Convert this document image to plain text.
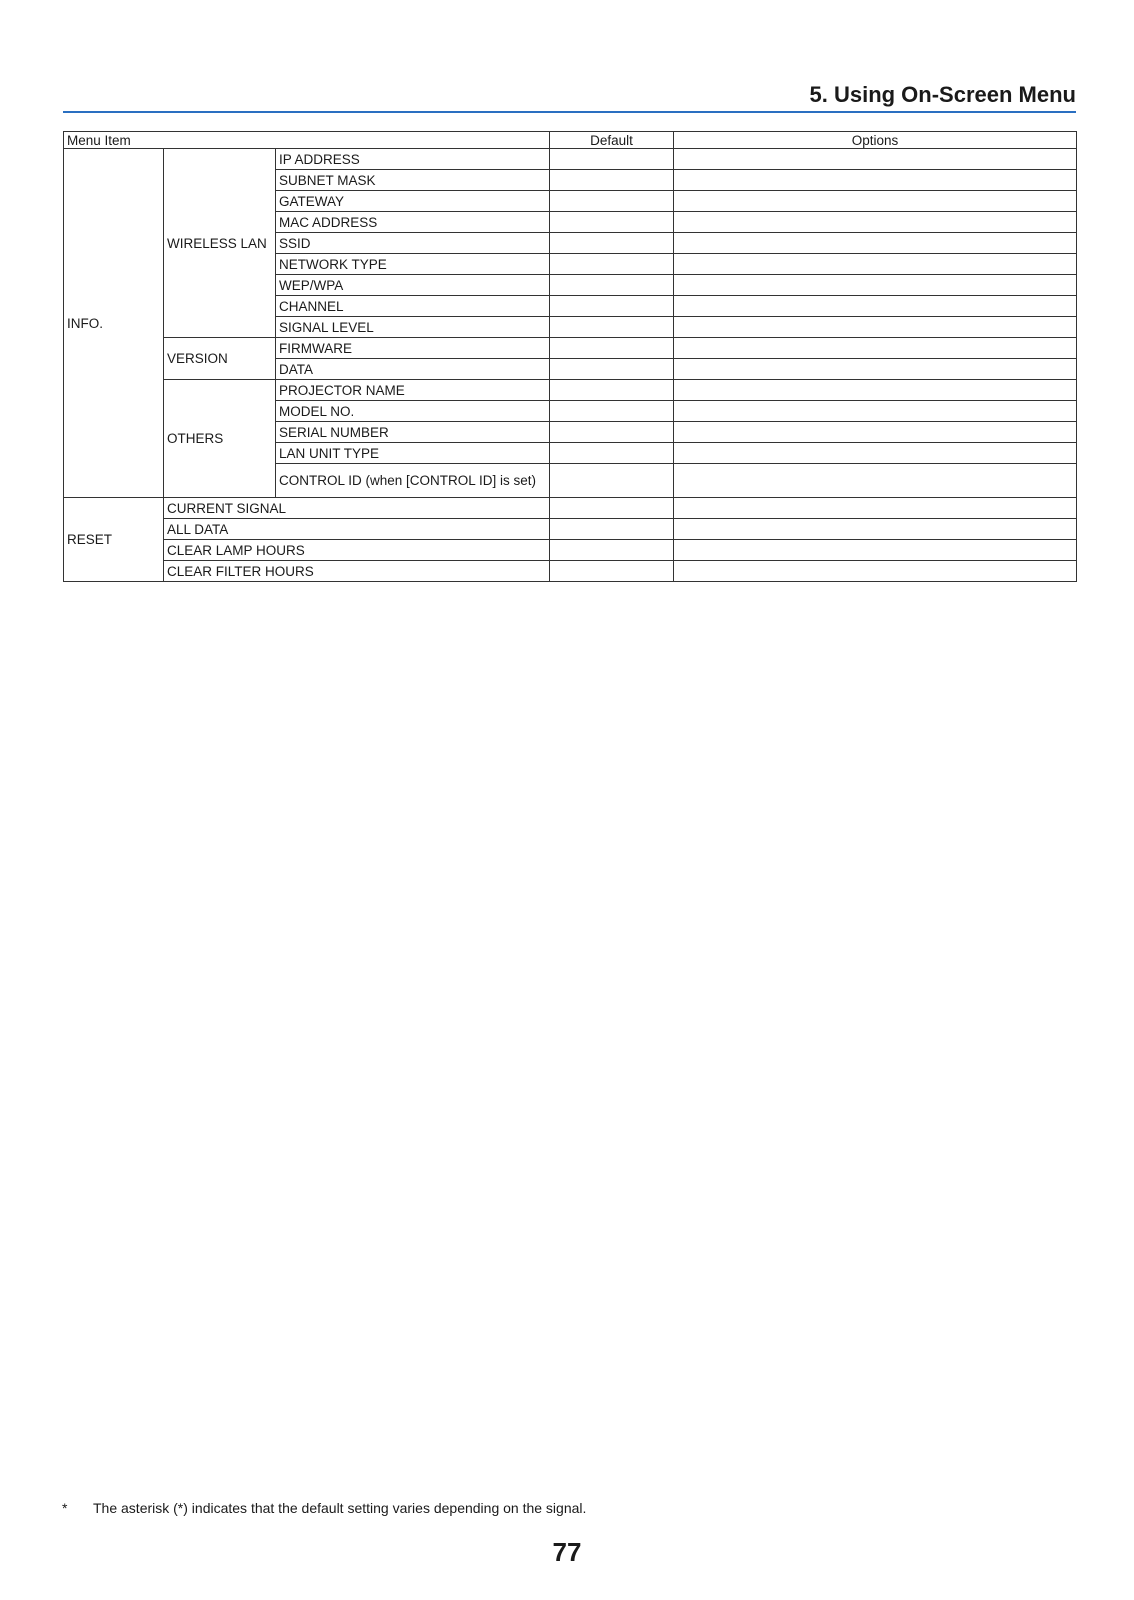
5. Using On-Screen Menu
Menu Item			Default	Options
INFO.	WIRELESS LAN	IP ADDRESS		
		SUBNET MASK		
		GATEWAY		
		MAC ADDRESS		
		SSID		
		NETWORK TYPE		
		WEP/WPA		
		CHANNEL		
		SIGNAL LEVEL		
	VERSION	FIRMWARE		
		DATA		
	OTHERS	PROJECTOR NAME		
		MODEL NO.		
		SERIAL NUMBER		
		LAN UNIT TYPE		
		CONTROL ID (when [CONTROL ID] is set)		
RESET	CURRENT SIGNAL			
	ALL DATA			
	CLEAR LAMP HOURS			
	CLEAR FILTER HOURS			
* The asterisk (*) indicates that the default setting varies depending on the signal.
77
